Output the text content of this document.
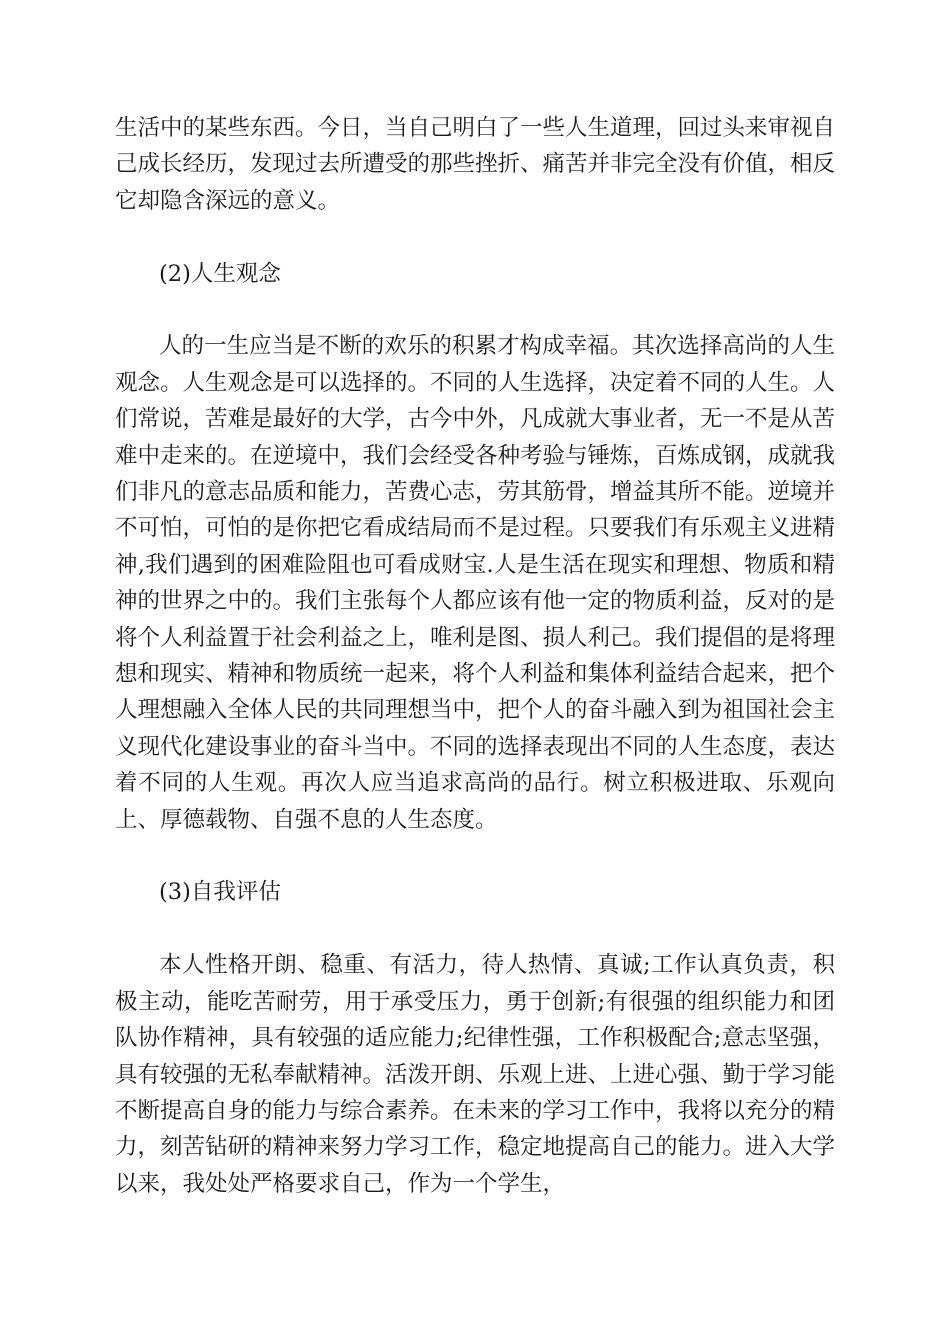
生活中的某些东西。今日，当自己明白了一些人生道理，回过头来审视自己成长经历，发现过去所遭受的那些挫折、痛苦并非完全没有价值，相反它却隐含深远的意义。

(2)人生观念

人的一生应当是不断的欢乐的积累才构成幸福。其次选择高尚的人生观念。人生观念是可以选择的。不同的人生选择，决定着不同的人生。人们常说，苦难是最好的大学，古今中外，凡成就大事业者，无一不是从苦难中走来的。在逆境中，我们会经受各种考验与锤炼，百炼成钢，成就我们非凡的意志品质和能力，苦费心志，劳其筋骨，增益其所不能。逆境并不可怕，可怕的是你把它看成结局而不是过程。只要我们有乐观主义进精神,我们遇到的困难险阻也可看成财宝.人是生活在现实和理想、物质和精神的世界之中的。我们主张每个人都应该有他一定的物质利益，反对的是将个人利益置于社会利益之上，唯利是图、损人利己。我们提倡的是将理想和现实、精神和物质统一起来，将个人利益和集体利益结合起来，把个人理想融入全体人民的共同理想当中，把个人的奋斗融入到为祖国社会主义现代化建设事业的奋斗当中。不同的选择表现出不同的人生态度，表达着不同的人生观。再次人应当追求高尚的品行。树立积极进取、乐观向上、厚德载物、自强不息的人生态度。

(3)自我评估

本人性格开朗、稳重、有活力，待人热情、真诚;工作认真负责，积极主动，能吃苦耐劳，用于承受压力，勇于创新;有很强的组织能力和团队协作精神，具有较强的适应能力;纪律性强，工作积极配合;意志坚强，具有较强的无私奉献精神。活泼开朗、乐观上进、上进心强、勤于学习能不断提高自身的能力与综合素养。在未来的学习工作中，我将以充分的精力，刻苦钻研的精神来努力学习工作，稳定地提高自己的能力。进入大学以来，我处处严格要求自己，作为一个学生，
